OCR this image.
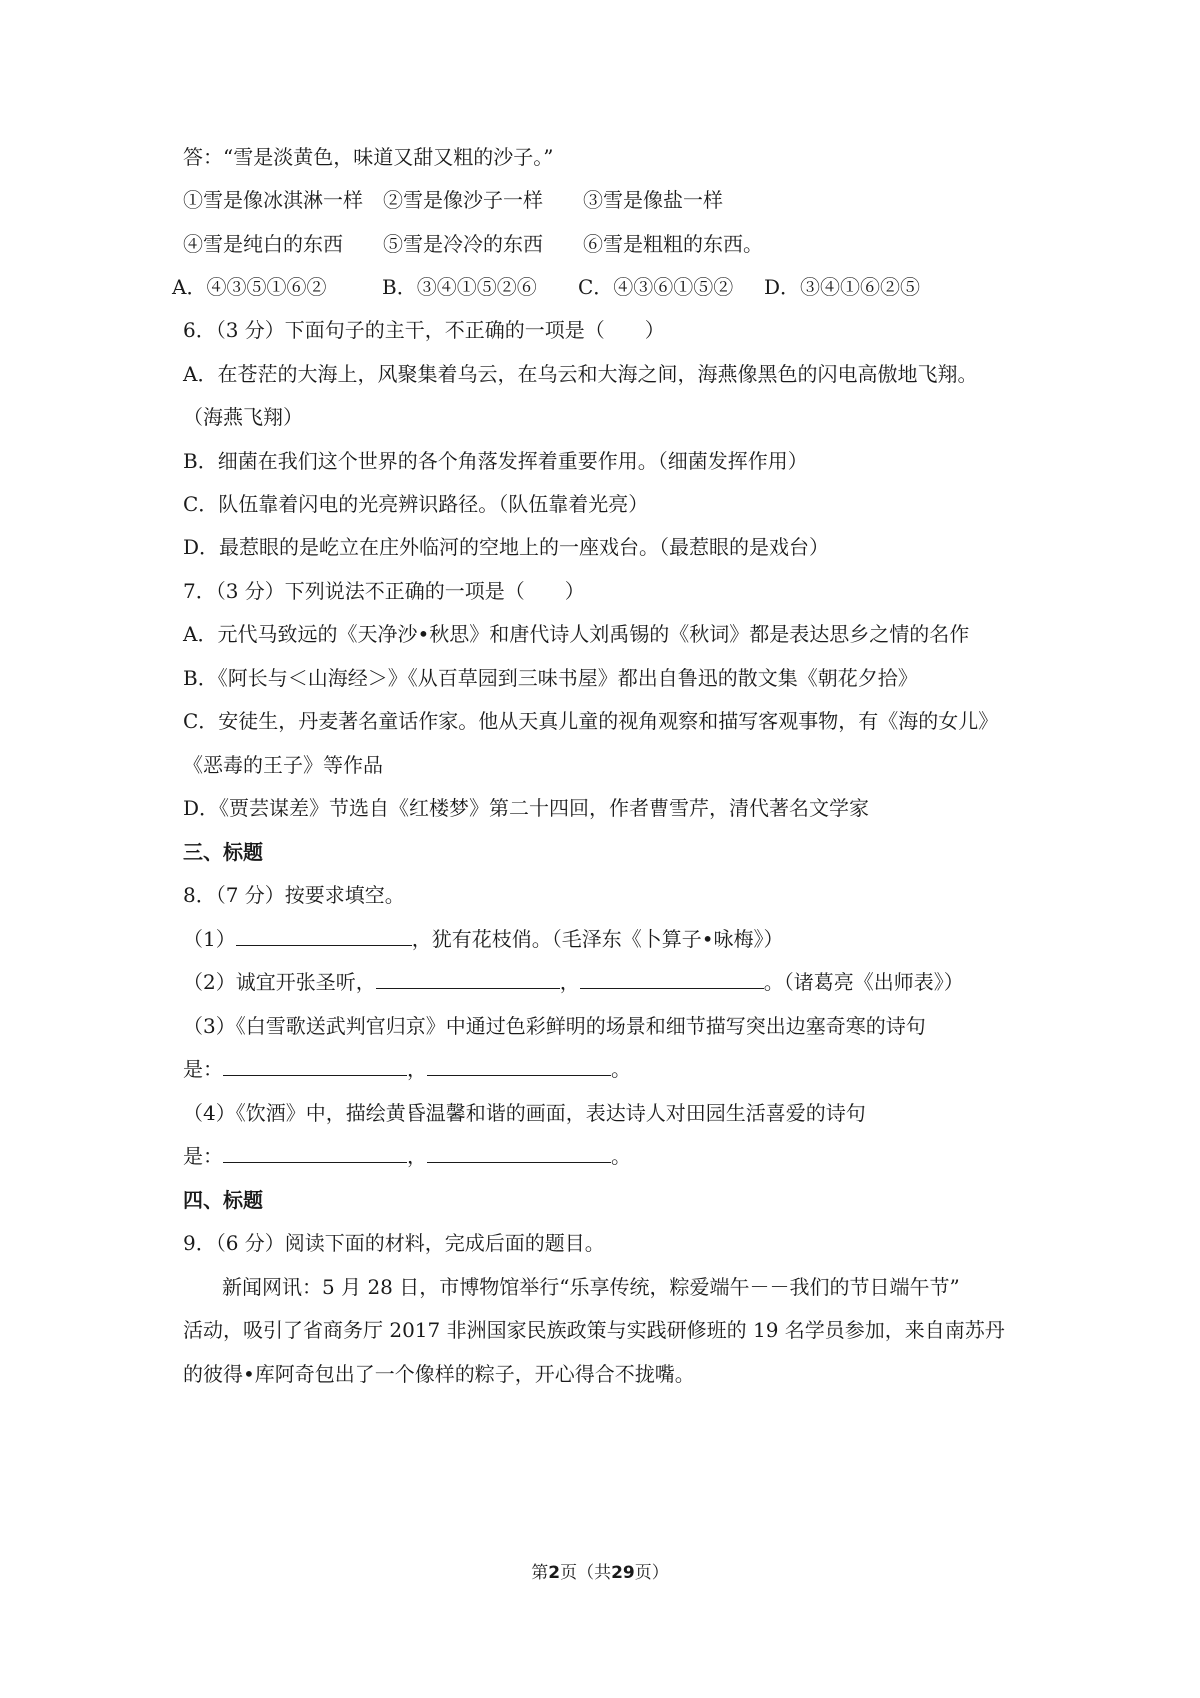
答：“雪是淡黄色，味道又甜又粗的沙子。”
①雪是像冰淇淋一样　②雪是像沙子一样　　③雪是像盐一样
④雪是纯白的东西　　⑤雪是冷冷的东西　　⑥雪是粗粗的东西。
A．④③⑤①⑥②	B．③④①⑤②⑥ C．④③⑥①⑤② D．③④①⑥②⑤
6．（3 分）下面句子的主干，不正确的一项是（　　）
A．在苍茫的大海上，风聚集着乌云，在乌云和大海之间，海燕像黑色的闪电高傲地飞翔。
（海燕飞翔）
B．细菌在我们这个世界的各个角落发挥着重要作用。（细菌发挥作用）
C．队伍靠着闪电的光亮辨识路径。（队伍靠着光亮）
D．最惹眼的是屹立在庄外临河的空地上的一座戏台。（最惹眼的是戏台）
7．（3 分）下列说法不正确的一项是（　　）
A．元代马致远的《天净沙•秋思》和唐代诗人刘禹锡的《秋词》都是表达思乡之情的名作
B．《阿长与＜山海经＞》《从百草园到三味书屋》都出自鲁迅的散文集《朝花夕拾》
C．安徒生，丹麦著名童话作家。他从天真儿童的视角观察和描写客观事物，有《海的女儿》
《恶毒的王子》等作品
D．《贾芸谋差》节选自《红楼梦》第二十四回，作者曹雪芹，清代著名文学家
三、标题
8．（7 分）按要求填空。
（1）	，犹有花枝俏。（毛泽东《卜算子•咏梅》）
（2）诚宜开张圣听，	，	。（诸葛亮《出师表》）
（3）《白雪歌送武判官归京》中通过色彩鲜明的场景和细节描写突出边塞奇寒的诗句
是：	，	。
（4）《饮酒》中，描绘黄昏温馨和谐的画面，表达诗人对田园生活喜爱的诗句
是：	，	。
四、标题
9．（6 分）阅读下面的材料，完成后面的题目。
新闻网讯：5 月 28 日，市博物馆举行“乐享传统，粽爱端午－－我们的节日端午节”
活动，吸引了省商务厅 2017 非洲国家民族政策与实践研修班的 19 名学员参加，来自南苏丹
的彼得•库阿奇包出了一个像样的粽子，开心得合不拢嘴。
第2页（共29页）
